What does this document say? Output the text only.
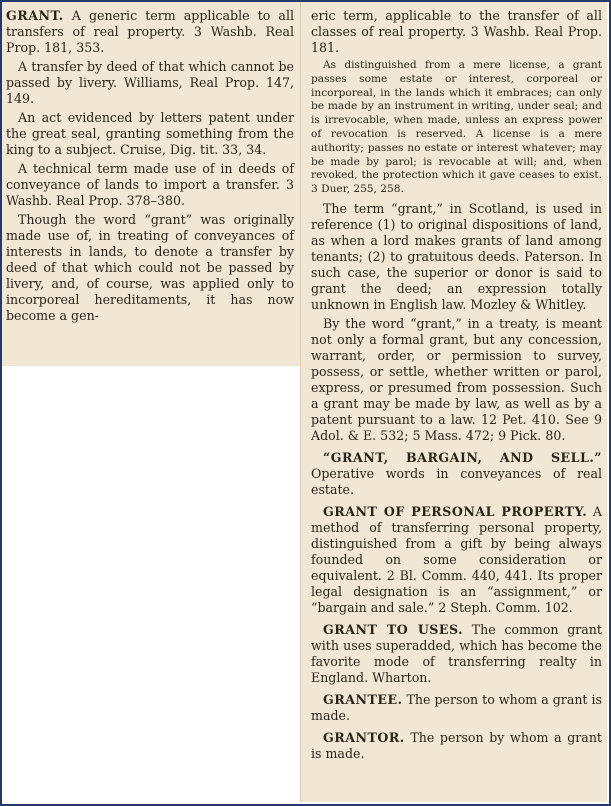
GRANT. A generic term applicable to all transfers of real property. 3 Washb. Real Prop. 181, 353.

A transfer by deed of that which cannot be passed by livery. Williams, Real Prop. 147, 149.

An act evidenced by letters patent under the great seal, granting something from the king to a subject. Cruise, Dig. tit. 33, 34.

A technical term made use of in deeds of conveyance of lands to import a transfer. 3 Washb. Real Prop. 378–380.

Though the word “grant” was originally made use of, in treating of conveyances of interests in lands, to denote a transfer by deed of that which could not be passed by livery, and, of course, was applied only to incorporeal hereditaments, it has now become a gen-

eric term, applicable to the transfer of all classes of real property. 3 Washb. Real Prop. 181.

As distinguished from a mere license, a grant passes some estate or interest, corporeal or incorporeal, in the lands which it embraces; can only be made by an instrument in writing, under seal; and is irrevocable, when made, unless an express power of revocation is reserved. A license is a mere authority; passes no estate or interest whatever; may be made by parol; is revocable at will; and, when revoked, the protection which it gave ceases to exist. 3 Duer, 255, 258.

The term “grant,” in Scotland, is used in reference (1) to original dispositions of land, as when a lord makes grants of land among tenants; (2) to gratuitous deeds. Paterson. In such case, the superior or donor is said to grant the deed; an expression totally unknown in English law. Mozley & Whitley.

By the word “grant,” in a treaty, is meant not only a formal grant, but any concession, warrant, order, or permission to survey, possess, or settle, whether written or parol, express, or presumed from possession. Such a grant may be made by law, as well as by a patent pursuant to a law. 12 Pet. 410. See 9 Adol. & E. 532; 5 Mass. 472; 9 Pick. 80.

“GRANT, BARGAIN, AND SELL.” Operative words in conveyances of real estate.

GRANT OF PERSONAL PROPERTY. A method of transferring personal property, distinguished from a gift by being always founded on some consideration or equivalent. 2 Bl. Comm. 440, 441. Its proper legal designation is an “assignment,” or “bargain and sale.” 2 Steph. Comm. 102.

GRANT TO USES. The common grant with uses superadded, which has become the favorite mode of transferring realty in England. Wharton.

GRANTEE. The person to whom a grant is made.

GRANTOR. The person by whom a grant is made.
